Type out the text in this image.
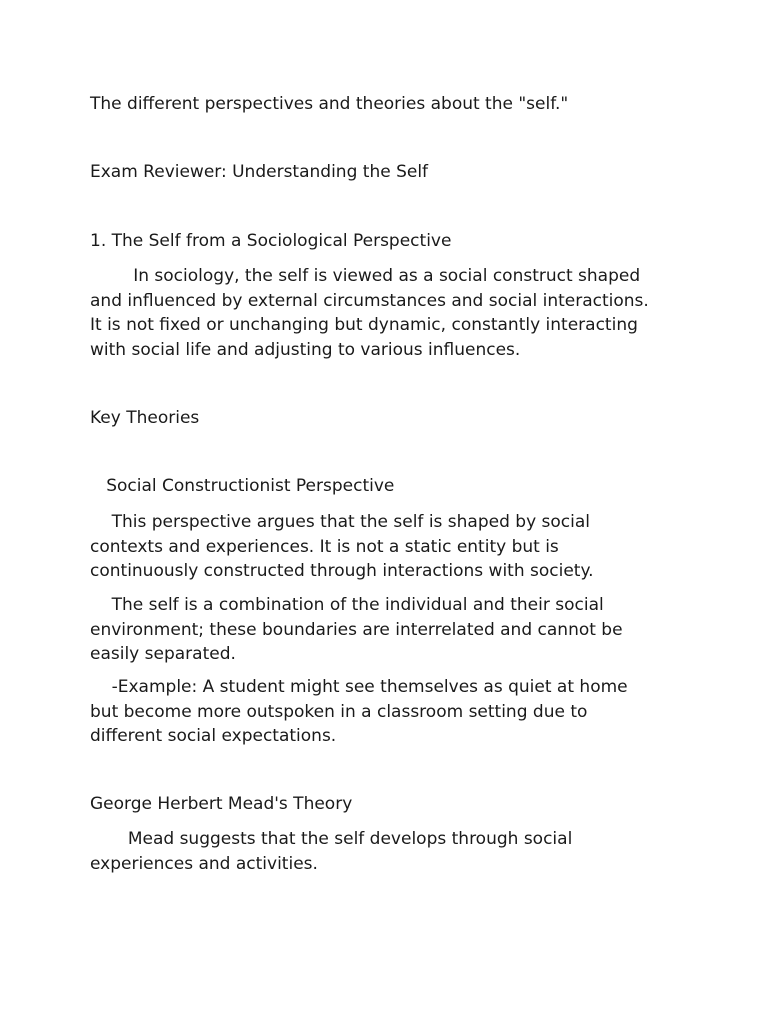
The different perspectives and theories about the "self."

Exam Reviewer: Understanding the Self

1. The Self from a Sociological Perspective

In sociology, the self is viewed as a social construct shaped
and influenced by external circumstances and social interactions.
It is not fixed or unchanging but dynamic, constantly interacting
with social life and adjusting to various influences.

Key Theories

Social Constructionist Perspective

This perspective argues that the self is shaped by social
contexts and experiences. It is not a static entity but is
continuously constructed through interactions with society.
The self is a combination of the individual and their social
environment; these boundaries are interrelated and cannot be
easily separated.
-Example: A student might see themselves as quiet at home
but become more outspoken in a classroom setting due to
different social expectations.

George Herbert Mead's Theory

Mead suggests that the self develops through social
experiences and activities.
